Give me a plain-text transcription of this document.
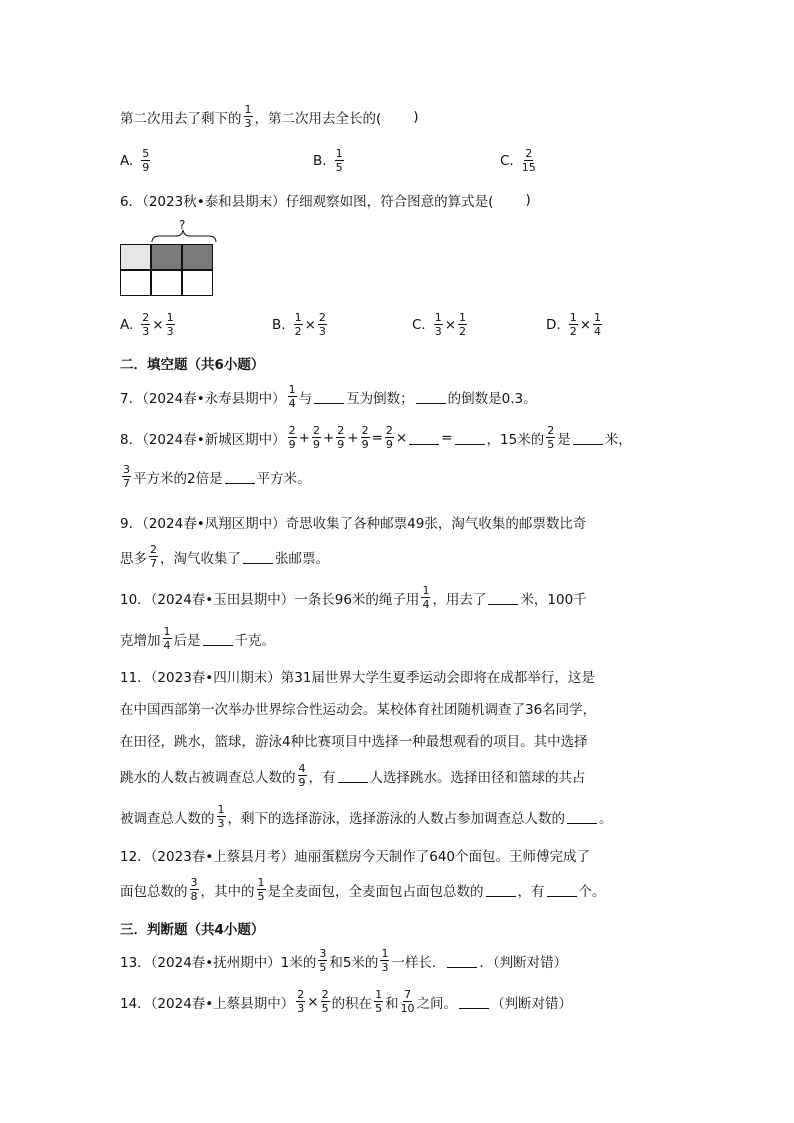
第二次用去了剩下的 $\frac{1}{3}$ ，第二次用去全长的( )
A. $\frac{5}{9}$	B. $\frac{1}{5}$	C. $\frac{2}{15}$
6．（2023秋•泰和县期末）仔细观察如图，符合图意的算式是( )
?
A. $\frac{2}{3} \times \frac{1}{3}$	B. $\frac{1}{2} \times \frac{2}{3}$	C. $\frac{1}{3} \times \frac{1}{2}$	D. $\frac{1}{2} \times \frac{1}{4}$
二．填空题（共6小题）
7．（2024春•永寿县期中） $\frac{1}{4}$ 与	互为倒数；	的倒数是0.3。
8．（2024春•新城区期中） $\frac{2}{9} + \frac{2}{9} + \frac{2}{9} + \frac{2}{9} = \frac{2}{9}$ ×	=	，15米的 $\frac{2}{5}$ 是	米，
$\frac{3}{7}$ 平方米的2倍是	平方米。
9．（2024春•凤翔区期中）奇思收集了各种邮票49张，淘气收集的邮票数比奇
思多 $\frac{2}{7}$ ，淘气收集了	张邮票。
10．（2024春•玉田县期中）一条长96米的绳子用 $\frac{1}{4}$ ，用去了	米，100千
克增加 $\frac{1}{4}$ 后是	千克。
11．（2023春•四川期末）第31届世界大学生夏季运动会即将在成都举行，这是
在中国西部第一次举办世界综合性运动会。某校体育社团随机调查了36名同学，
在田径，跳水，篮球，游泳4种比赛项目中选择一种最想观看的项目。其中选择
跳水的人数占被调查总人数的 $\frac{4}{9}$ ，有	人选择跳水。选择田径和篮球的共占
被调查总人数的 $\frac{1}{3}$ ，剩下的选择游泳，选择游泳的人数占参加调查总人数的	。
12．（2023春•上蔡县月考）迪丽蛋糕房今天制作了640个面包。王师傅完成了
面包总数的 $\frac{3}{8}$ ，其中的 $\frac{1}{5}$ 是全麦面包，全麦面包占面包总数的	，有	个。
三．判断题（共4小题）
13．（2024春•抚州期中）1米的 $\frac{3}{5}$ 和5米的 $\frac{1}{3}$ 一样长．	．（判断对错）
14．（2024春•上蔡县期中） $\frac{2}{3} \times \frac{2}{5}$ 的积在 $\frac{1}{5}$ 和 $\frac{7}{10}$ 之间。	（判断对错）
